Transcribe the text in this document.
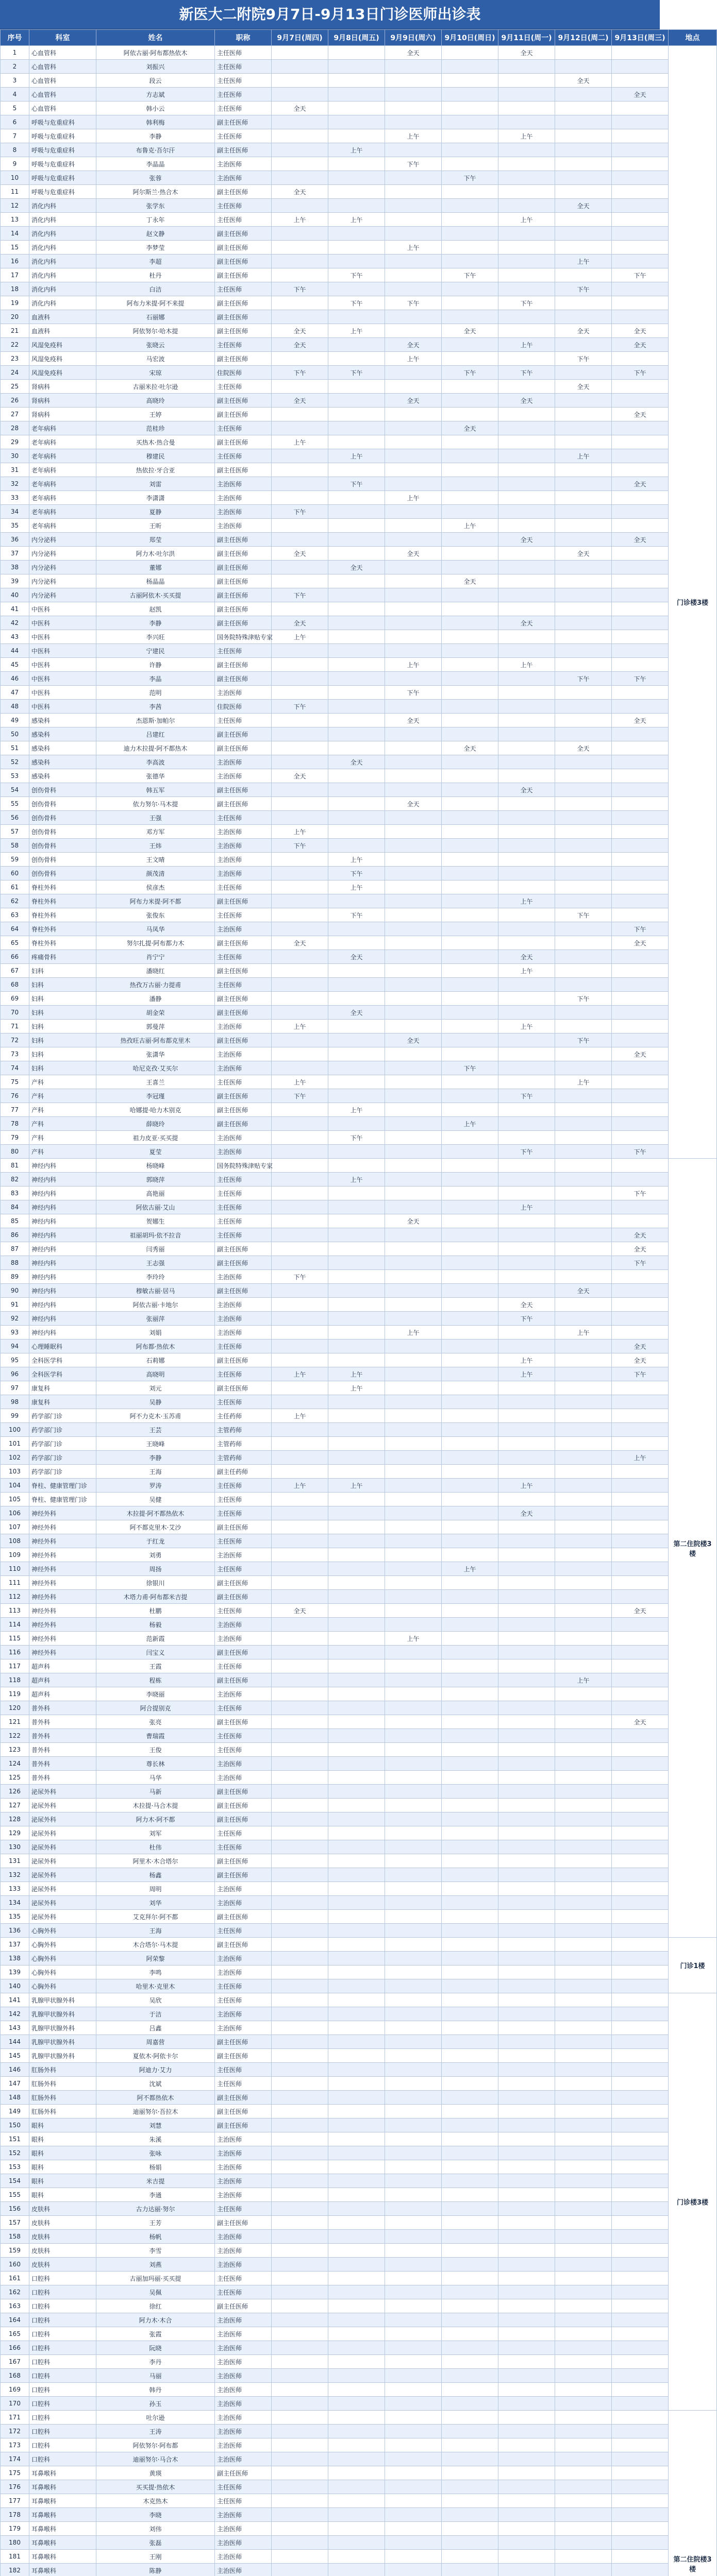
新医大二附院9月7日-9月13日门诊医师出诊表
序号	科室	姓名	职称	9月7日(周四)	9月8日(周五)	9月9日(周六)	9月10日(周日)	9月11日(周一)	9月12日(周二)	9月13日(周三)	地点
1	心血管科	阿依古丽·阿布都热依木	主任医师			全天		全天			门诊楼3楼
2	心血管科	刘振兴	主任医师								
3	心血管科	段云	主任医师						全天		
4	心血管科	方志斌	主任医师							全天	
5	心血管科	韩小云	主任医师	全天							
6	呼吸与危重症科	韩利梅	副主任医师								
7	呼吸与危重症科	李静	主任医师			上午		上午			
8	呼吸与危重症科	布鲁克·吾尔汗	副主任医师		上午						
9	呼吸与危重症科	李晶晶	主治医师			下午					
10	呼吸与危重症科	张蓉	主治医师				下午				
11	呼吸与危重症科	阿尔斯兰·热合木	副主任医师	全天							
12	消化内科	张学东	主任医师						全天		
13	消化内科	丁永年	主任医师	上午	上午			上午			
14	消化内科	赵文静	副主任医师								
15	消化内科	李梦莹	副主任医师			上午					
16	消化内科	李超	副主任医师						上午		
17	消化内科	杜丹	副主任医师		下午		下午			下午	
18	消化内科	白洁	主任医师	下午					下午		
19	消化内科	阿布力米提·阿不来提	副主任医师		下午	下午		下午			
20	血液科	石丽娜	副主任医师								
21	血液科	阿依努尔·哈木提	副主任医师	全天	上午		全天		全天	全天	
22	风湿免疫科	张晓云	主任医师	全天		全天		上午		全天	
23	风湿免疫科	马宏波	副主任医师			上午			下午		
24	风湿免疫科	宋琼	住院医师	下午	下午		下午	下午		下午	
25	肾病科	古丽米拉·吐尔逊	主任医师						全天		
26	肾病科	高晓玲	副主任医师	全天		全天		全天			
27	肾病科	王婷	副主任医师							全天	
28	老年病科	范桂珍	主任医师				全天				
29	老年病科	买热木·热合曼	副主任医师	上午							
30	老年病科	穆建民	主任医师		上午				上午		
31	老年病科	热依拉·牙合亚	副主任医师								
32	老年病科	刘雷	主治医师		下午					全天	
33	老年病科	李潇潇	主治医师			上午					
34	老年病科	夏静	主治医师	下午							
35	老年病科	王昕	主治医师				上午				
36	内分泌科	郑莹	副主任医师					全天		全天	
37	内分泌科	阿力木·吐尔洪	副主任医师	全天		全天			全天		
38	内分泌科	董娜	副主任医师		全天						
39	内分泌科	杨晶晶	副主任医师				全天				
40	内分泌科	古丽阿依木·买买提	副主任医师	下午							
41	中医科	赵凯	副主任医师								
42	中医科	李静	副主任医师	全天				全天			
43	中医科	李兴旺	国务院特殊津贴专家	上午							
44	中医科	宁建民	主任医师								
45	中医科	许静	副主任医师			上午		上午			
46	中医科	李晶	副主任医师						下午	下午	
47	中医科	范明	主治医师			下午					
48	中医科	李茜	住院医师	下午							
49	感染科	杰恩斯·加帕尔	主任医师			全天				全天	
50	感染科	吕建红	副主任医师								
51	感染科	迪力木拉提·阿不都热木	副主任医师				全天		全天		
52	感染科	李高波	主治医师		全天						
53	感染科	张德华	主治医师	全天							
54	创伤骨科	韩五军	副主任医师					全天			
55	创伤骨科	依力努尔·马木提	副主任医师			全天					
56	创伤骨科	王强	主任医师								
57	创伤骨科	邓方军	主治医师	上午							
58	创伤骨科	王炜	主治医师	下午							
59	创伤骨科	王文晴	主治医师		上午						
60	创伤骨科	颜茂清	主治医师		下午						
61	脊柱外科	侯彦杰	主任医师		上午						
62	脊柱外科	阿布力米提·阿不都	副主任医师					上午			
63	脊柱外科	张俊东	主任医师		下午				下午		
64	脊柱外科	马凤华	主治医师							下午	
65	脊柱外科	努尔扎提·阿布都力木	副主任医师	全天						全天	
66	疼痛骨科	肖宁宁	主任医师		全天			全天			
67	妇科	潘晓红	副主任医师					上午			
68	妇科	热孜万古丽·力提甫	主任医师								
69	妇科	潘静	副主任医师						下午		
70	妇科	胡金荣	副主任医师		全天						
71	妇科	郭曼萍	主治医师	上午				上午			
72	妇科	热孜旺古丽·阿布都克里木	副主任医师			全天			下午		
73	妇科	张潇华	主治医师							全天	
74	妇科	哈尼克孜·艾买尔	主治医师				下午				
75	产科	王喜兰	主任医师	上午					上午		
76	产科	李冠瑾	副主任医师	下午				下午			
77	产科	哈娜提·哈力木别克	副主任医师		上午						
78	产科	薛晓玲	副主任医师				上午				
79	产科	祖力皮亚·买买提	主治医师		下午						
80	产科	夏莹	主治医师					下午		下午	
81	神经内科	杨晓峰	国务院特殊津贴专家								第二住院楼3楼
82	神经内科	郭晓萍	主任医师		上午						
83	神经内科	高艳丽	主任医师							下午	
84	神经内科	阿依古丽·艾山	主任医师					上午			
85	神经内科	贺娜生	主任医师			全天					
86	神经内科	祖丽胡玛·依不拉音	主任医师							全天	
87	神经内科	闫秀丽	副主任医师							全天	
88	神经内科	王志强	副主任医师							下午	
89	神经内科	李玲玲	主治医师	下午							
90	神经内科	穆敏古丽·居马	副主任医师						全天		
91	神经内科	阿依古丽·卡地尔	主治医师					全天			
92	神经内科	张丽萍	主治医师					下午			
93	神经内科	刘娟	主治医师			上午			上午		
94	心理睡眠科	阿布都·热依木	主任医师							全天	
95	全科医学科	石莉娜	副主任医师					上午		全天	
96	全科医学科	高晓明	主任医师	上午	上午			上午		下午	
97	康复科	刘元	副主任医师		上午						
98	康复科	吴静	主任医师								
99	药学部门诊	阿不力克木·玉苏甫	主任药师	上午							
100	药学部门诊	王芸	主管药师								
101	药学部门诊	王晓峰	主管药师								
102	药学部门诊	李静	主管药师							上午	
103	药学部门诊	王海	副主任药师								
104	脊柱、健康管理门诊	罗涛	主任医师	上午	上午			上午			
105	脊柱、健康管理门诊	吴健	主任医师								
106	神经外科	木拉提·阿不都热依木	主任医师					全天			
107	神经外科	阿不都克里木·艾沙	副主任医师								
108	神经外科	于红龙	主任医师								
109	神经外科	刘勇	主治医师								
110	神经外科	周扬	主任医师				上午				
111	神经外科	徐银川	副主任医师								
112	神经外科	木塔力甫·阿布都米吉提	副主任医师								
113	神经外科	杜鹏	主任医师	全天						全天	
114	神经外科	杨毅	主治医师								
115	神经外科	范新霞	主治医师			上午					
116	神经外科	闫宝义	副主任医师								
117	超声科	王霞	主任医师								
118	超声科	程栋	副主任医师						上午		
119	超声科	李晓丽	主治医师								
120	普外科	阿合提别克	主任医师								
121	普外科	张亮	副主任医师							全天	
122	普外科	曹瑞霞	主任医师								
123	普外科	王俊	主任医师								
124	普外科	尊长林	主治医师								
125	普外科	马华	主治医师								
126	泌尿外科	马新	副主任医师								
127	泌尿外科	木拉提·马合木提	副主任医师								
128	泌尿外科	阿力木·阿不都	副主任医师								
129	泌尿外科	刘军	主任医师								
130	泌尿外科	杜伟	主任医师								
131	泌尿外科	阿里木·木合塔尔	副主任医师								
132	泌尿外科	杨鑫	副主任医师								
133	泌尿外科	周明	主治医师								
134	泌尿外科	刘华	主治医师								
135	泌尿外科	艾克拜尔·阿不都	副主任医师								
136	心胸外科	王海	主任医师								
137	心胸外科	木合塔尔·马木提	副主任医师								门诊1楼
138	心胸外科	阿荣黎	主治医师								
139	心胸外科	李鸣	主治医师								
140	心胸外科	哈里木·克里木	主任医师								
141	乳腺甲状腺外科	吴欣	主任医师								门诊楼3楼
142	乳腺甲状腺外科	于洁	主治医师								
143	乳腺甲状腺外科	吕鑫	主治医师								
144	乳腺甲状腺外科	周嘉营	副主任医师								
145	乳腺甲状腺外科	夏依木·阿依卡尔	副主任医师								
146	肛肠外科	阿迪力·艾力	主任医师								
147	肛肠外科	沈斌	主任医师								
148	肛肠外科	阿不都热依木	副主任医师								
149	肛肠外科	迪丽努尔·吾拉木	副主任医师								
150	眼科	刘慧	副主任医师								
151	眼科	朱溪	主治医师								
152	眼科	张咏	主治医师								
153	眼科	杨娟	主治医师								
154	眼科	米吉提	主治医师								
155	眼科	李通	主治医师								
156	皮肤科	古力达丽·努尔	主任医师								
157	皮肤科	王芳	副主任医师								
158	皮肤科	杨帆	主治医师								
159	皮肤科	李雪	主治医师								
160	皮肤科	刘燕	主治医师								
161	口腔科	古丽加玛丽·买买提	主任医师								
162	口腔科	吴佩	主任医师								
163	口腔科	徐红	副主任医师								
164	口腔科	阿力木·木合	主治医师								
165	口腔科	张霞	主治医师								
166	口腔科	阮晓	主治医师								
167	口腔科	李丹	主治医师								
168	口腔科	马丽	主治医师								
169	口腔科	韩丹	主治医师								
170	口腔科	孙玉	主治医师								
171	口腔科	吐尔逊	主治医师								第二住院楼3楼
172	口腔科	王涛	主治医师								
173	口腔科	阿依努尔·阿布都	主治医师								
174	口腔科	迪丽努尔·马合木	主治医师								
175	耳鼻喉科	黄瑛	副主任医师								
176	耳鼻喉科	买买提·热依木	主任医师								
177	耳鼻喉科	木克热木	主任医师								
178	耳鼻喉科	李晓	主治医师								
179	耳鼻喉科	刘伟	主治医师								
180	耳鼻喉科	张磊	主治医师								
181	耳鼻喉科	王刚	主治医师								
182	耳鼻喉科	陈静	主治医师								
